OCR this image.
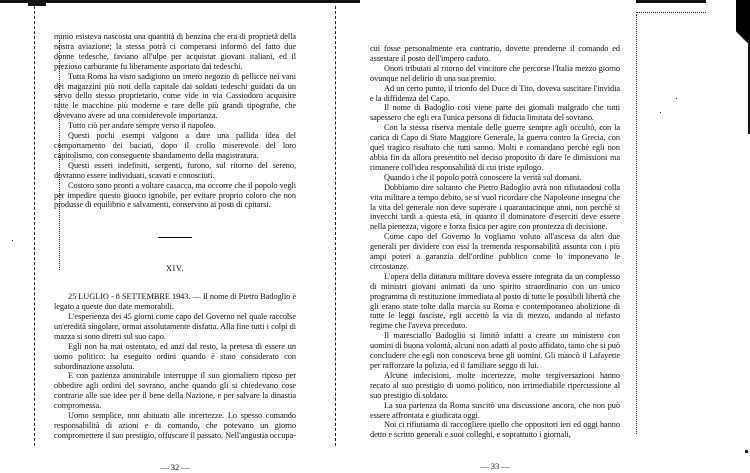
minio esisteva nascosta una quantità di benzina che era di proprietà della nostra aviazione; la stessa potrà ci comperarsi informò del fatto due donne tedesche, faviano all'ulpe per acquistar giovani italiani, ed il prezioso carburante fu liberamente asportato dai tedeschi.

Tutta Roma ha visto sadigiono un intero negozio di pellicce nei vani dei magazzini più noti della capitale dai soldati tedeschi guidati da un servo dello stesso proprietario, come vide in via Cassiodoro acquisire tutte le macchine più moderne e rare delle più grandi tipografie, che dovevano avere ad una considerevole importanza.

Tutto ciò per andare sempre verso il napoleo.

Questi pochi esempi valgono a dare una pallida idea del comportamento dei baciati, dopo il crollo miserevole del loro capitolismo, con conseguente sbandamento della magistratura.

Questi esseri indefiniti, sergenti, furono, sul ritorno del sereno, dovranno essere individuati, scavati e conosciuti.

Costoro sono pronti a voltare casacca, ma occorre che il popolo vegli per impedire questo giuoco ignobile, per evitare proprio coloro che non produsse di equilibrio e salvamenti, conservino ai posti di cpitarsi.

XIV.

25 LUGLIO - 8 SETTEMBRE 1943. — Il nome di Pietro Badoglio è legato a queste due date memorabili.

L'esperienza dei 45 giorni come capo del Governo nel quale raccolse un'eredità singolare, ormai assolutamente disfatta. Alla fine tutti i colpi di mazza si sono diretti sul suo capo.

Egli non ha mai ostentato, ed anzi dal resto, la pretesa di essere un uomo politico: ha eseguito ordini quando è stato considerato con subordinazione assoluta.

E con pazienza ammirabile interruppe il suo giornaliero riposo per obbedire agli ordini del sovrano, anche quando gli si chiedevano cose contrarie alle sue idee per il bene della Nazione, e per salvare la dinastia compromessa.

Uomo semplice, non abituato alle incertezze. Lo spesso comando responsabilità di azioni e di comando, che potevano un giorno compromettere il suo prestigio, offuscare il passato. Nell'angustia occupa-

— 32 —

cui fosse personalmente era contrario, dovette prenderne il comando ed assestare il posto dell'impero caduto.

Onori tributati al ritorno del vincitore che percorse l'Italia mezzo giorno ovunque nel delirio di una sua premio.

Ad un certo punto, il trionfo del Duce di Tito, doveva suscitare l'invidia e la diffidenza del Capo.

Il nome di Badoglio così viene parte dei giornali malgrado che tutti sapessero che egli era l'unica persona di fiducia limitata del sovrano.

Con la stessa riserva mentale delle guerre sempre agli occultò, con la carica di Capo di Stato Maggiore Generale, la guerra contro la Grecia, con quel tragico risultato che tutti sanno. Molti e comandano perchè egli non abbia fin da allora presentito nel deciso proposito di dare le dimissioni ma rimanere coll'idea responsabilità di cui triste epilogo.

Quando i che il popolo potrà conoscere la verità sul domani.

Dobbiamo dire soltanto che Pietro Badoglio avrà non rifiutandosi colla vita militare a tempo debito, se si vuol ricordare che Napoleone insegna che la vita del generale non deve superare i quarantacinque anni, non perchè si invecchi tardi a questa età, in quanto il dominatore d'eserciti deve essere nella pienezza, vigore e forza fisica per agire con prontezza di decisione.

Come capo del Governo lo vogliamo voluto all'ascesa da altri due generali per dividere con essi la tremenda responsabilità assunta con i più ampi poteri a garanzia dell'ordine pubblico come lo imponevano le circostanze.

L'opera della dittatura militare doveva essere integrata da un complesso di ministri giovani animati da uno spirito straordinario con un unico programma di restituzione immediata al posto di tutte le possibili libertà che gli erano state tolte dalla marcia su Roma e contemporaneo abolizione di tutte le leggi fasciste, egli accettò la via di mezzo, andando al nefasto regime che l'aveva preceduto.

Il maresciallo Badoglio si limitò infatti a creare un ministero con uomini di buona volontà, alcuni non adatti al posto affidato, tanto che si può concludere che egli non conosceva bene gli uomini. Gli mancò il Lafayette per rafforzare la polizia, ed il familiare seggo di lui.

Alcune indecisioni, molte incertezze, molte tergiversazioni hanno recato al suo prestigio di uomo politico, non irrimediabile ripercussione al suo prestigio di soldato.

La sua partenza da Roma suscitò una discussione ancora, che non può essere affrontata e giudicata oggi.

Noi ci rifiutiamo di raccogliere quello che oppositori ieri ed oggi hanno detto e scritto generali e suoi colleghi, e soprattutto i giornali,

— 33 —
